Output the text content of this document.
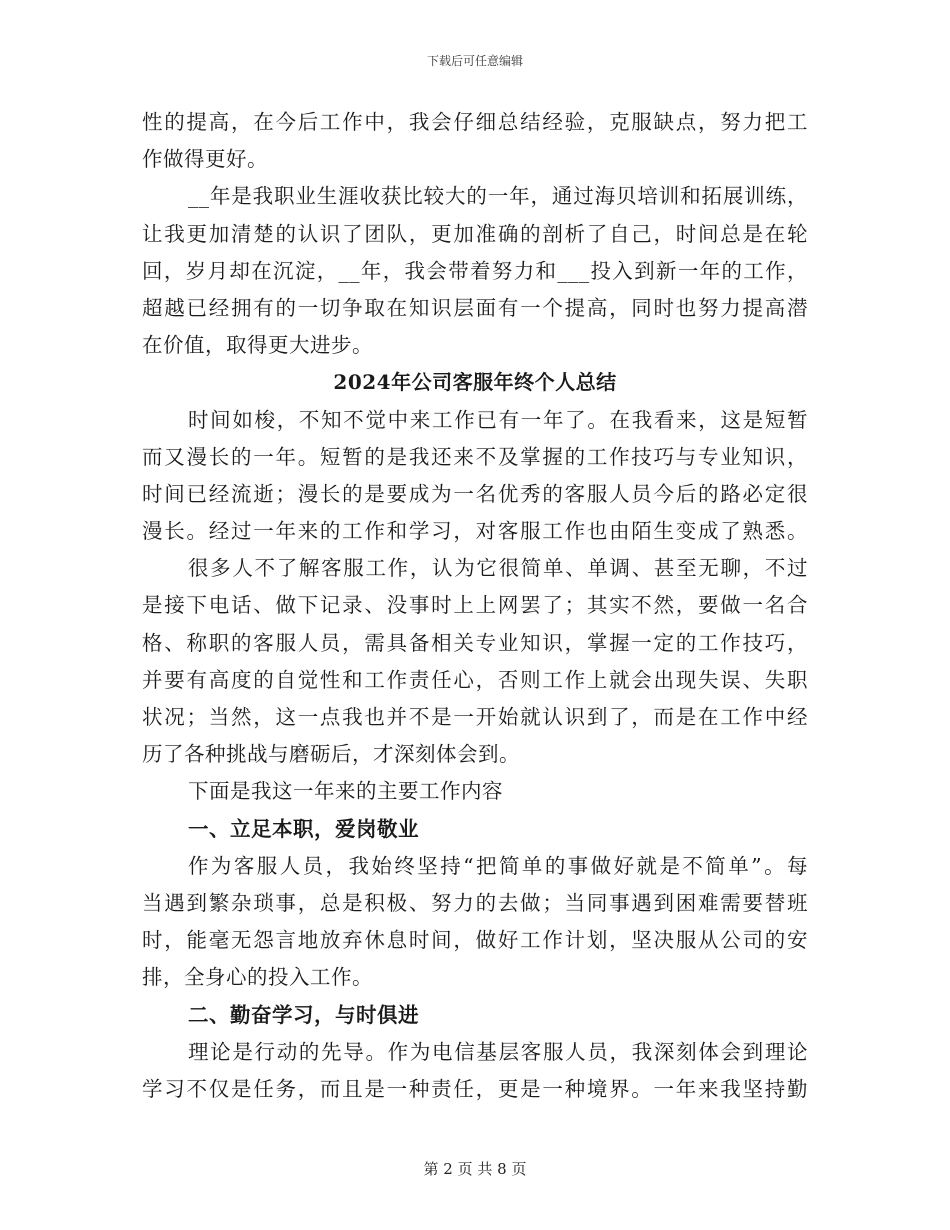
下载后可任意编辑
性的提高，在今后工作中，我会仔细总结经验，克服缺点，努力把工
作做得更好。
__年是我职业生涯收获比较大的一年，通过海贝培训和拓展训练，
让我更加清楚的认识了团队，更加准确的剖析了自己，时间总是在轮
回，岁月却在沉淀，__年，我会带着努力和___投入到新一年的工作，
超越已经拥有的一切争取在知识层面有一个提高，同时也努力提高潜
在价值，取得更大进步。
2024年公司客服年终个人总结
时间如梭，不知不觉中来工作已有一年了。在我看来，这是短暂
而又漫长的一年。短暂的是我还来不及掌握的工作技巧与专业知识，
时间已经流逝；漫长的是要成为一名优秀的客服人员今后的路必定很
漫长。经过一年来的工作和学习，对客服工作也由陌生变成了熟悉。
很多人不了解客服工作，认为它很简单、单调、甚至无聊，不过
是接下电话、做下记录、没事时上上网罢了；其实不然，要做一名合
格、称职的客服人员，需具备相关专业知识，掌握一定的工作技巧，
并要有高度的自觉性和工作责任心，否则工作上就会出现失误、失职
状况；当然，这一点我也并不是一开始就认识到了，而是在工作中经
历了各种挑战与磨砺后，才深刻体会到。
下面是我这一年来的主要工作内容
一、立足本职，爱岗敬业
作为客服人员，我始终坚持“把简单的事做好就是不简单”。每
当遇到繁杂琐事，总是积极、努力的去做；当同事遇到困难需要替班
时，能毫无怨言地放弃休息时间，做好工作计划，坚决服从公司的安
排，全身心的投入工作。
二、勤奋学习，与时俱进
理论是行动的先导。作为电信基层客服人员，我深刻体会到理论
学习不仅是任务，而且是一种责任，更是一种境界。一年来我坚持勤
第 2 页 共 8 页
